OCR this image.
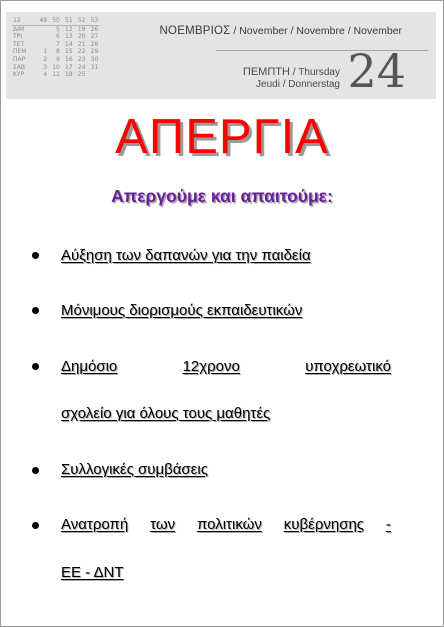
12	49	50	51	52	53	
ΔΙΜ		5	12	19	26	
ΤΡΙ		6	13	20	27	
ΤΕΤ		7	14	21	28	
ΠΕΜ	1	8	15	22	29	
ΠΑΡ	2	9	16	23	30	
ΣΑΒ	3	10	17	24	31	
ΚΥΡ	4	11	18	25		
ΝΟΕΜΒΡΙΟΣ / November / Novembre / November
ΠΕΜΠΤΗ / Thursday
Jeudi / Donnerstag 24
ΑΠΕΡΓΙΑ
Απεργούμε και απαιτούμε:
Αύξηση των δαπανών για την παιδεία
Μόνιμους διορισμούς εκπαιδευτικών
Δημόσιο	12χρονο	υποχρεωτικό
σχολείο για όλους τους μαθητές
Συλλογικές συμβάσεις
Ανατροπή των πολιτικών κυβέρνησης -
ΕΕ - ΔΝΤ
